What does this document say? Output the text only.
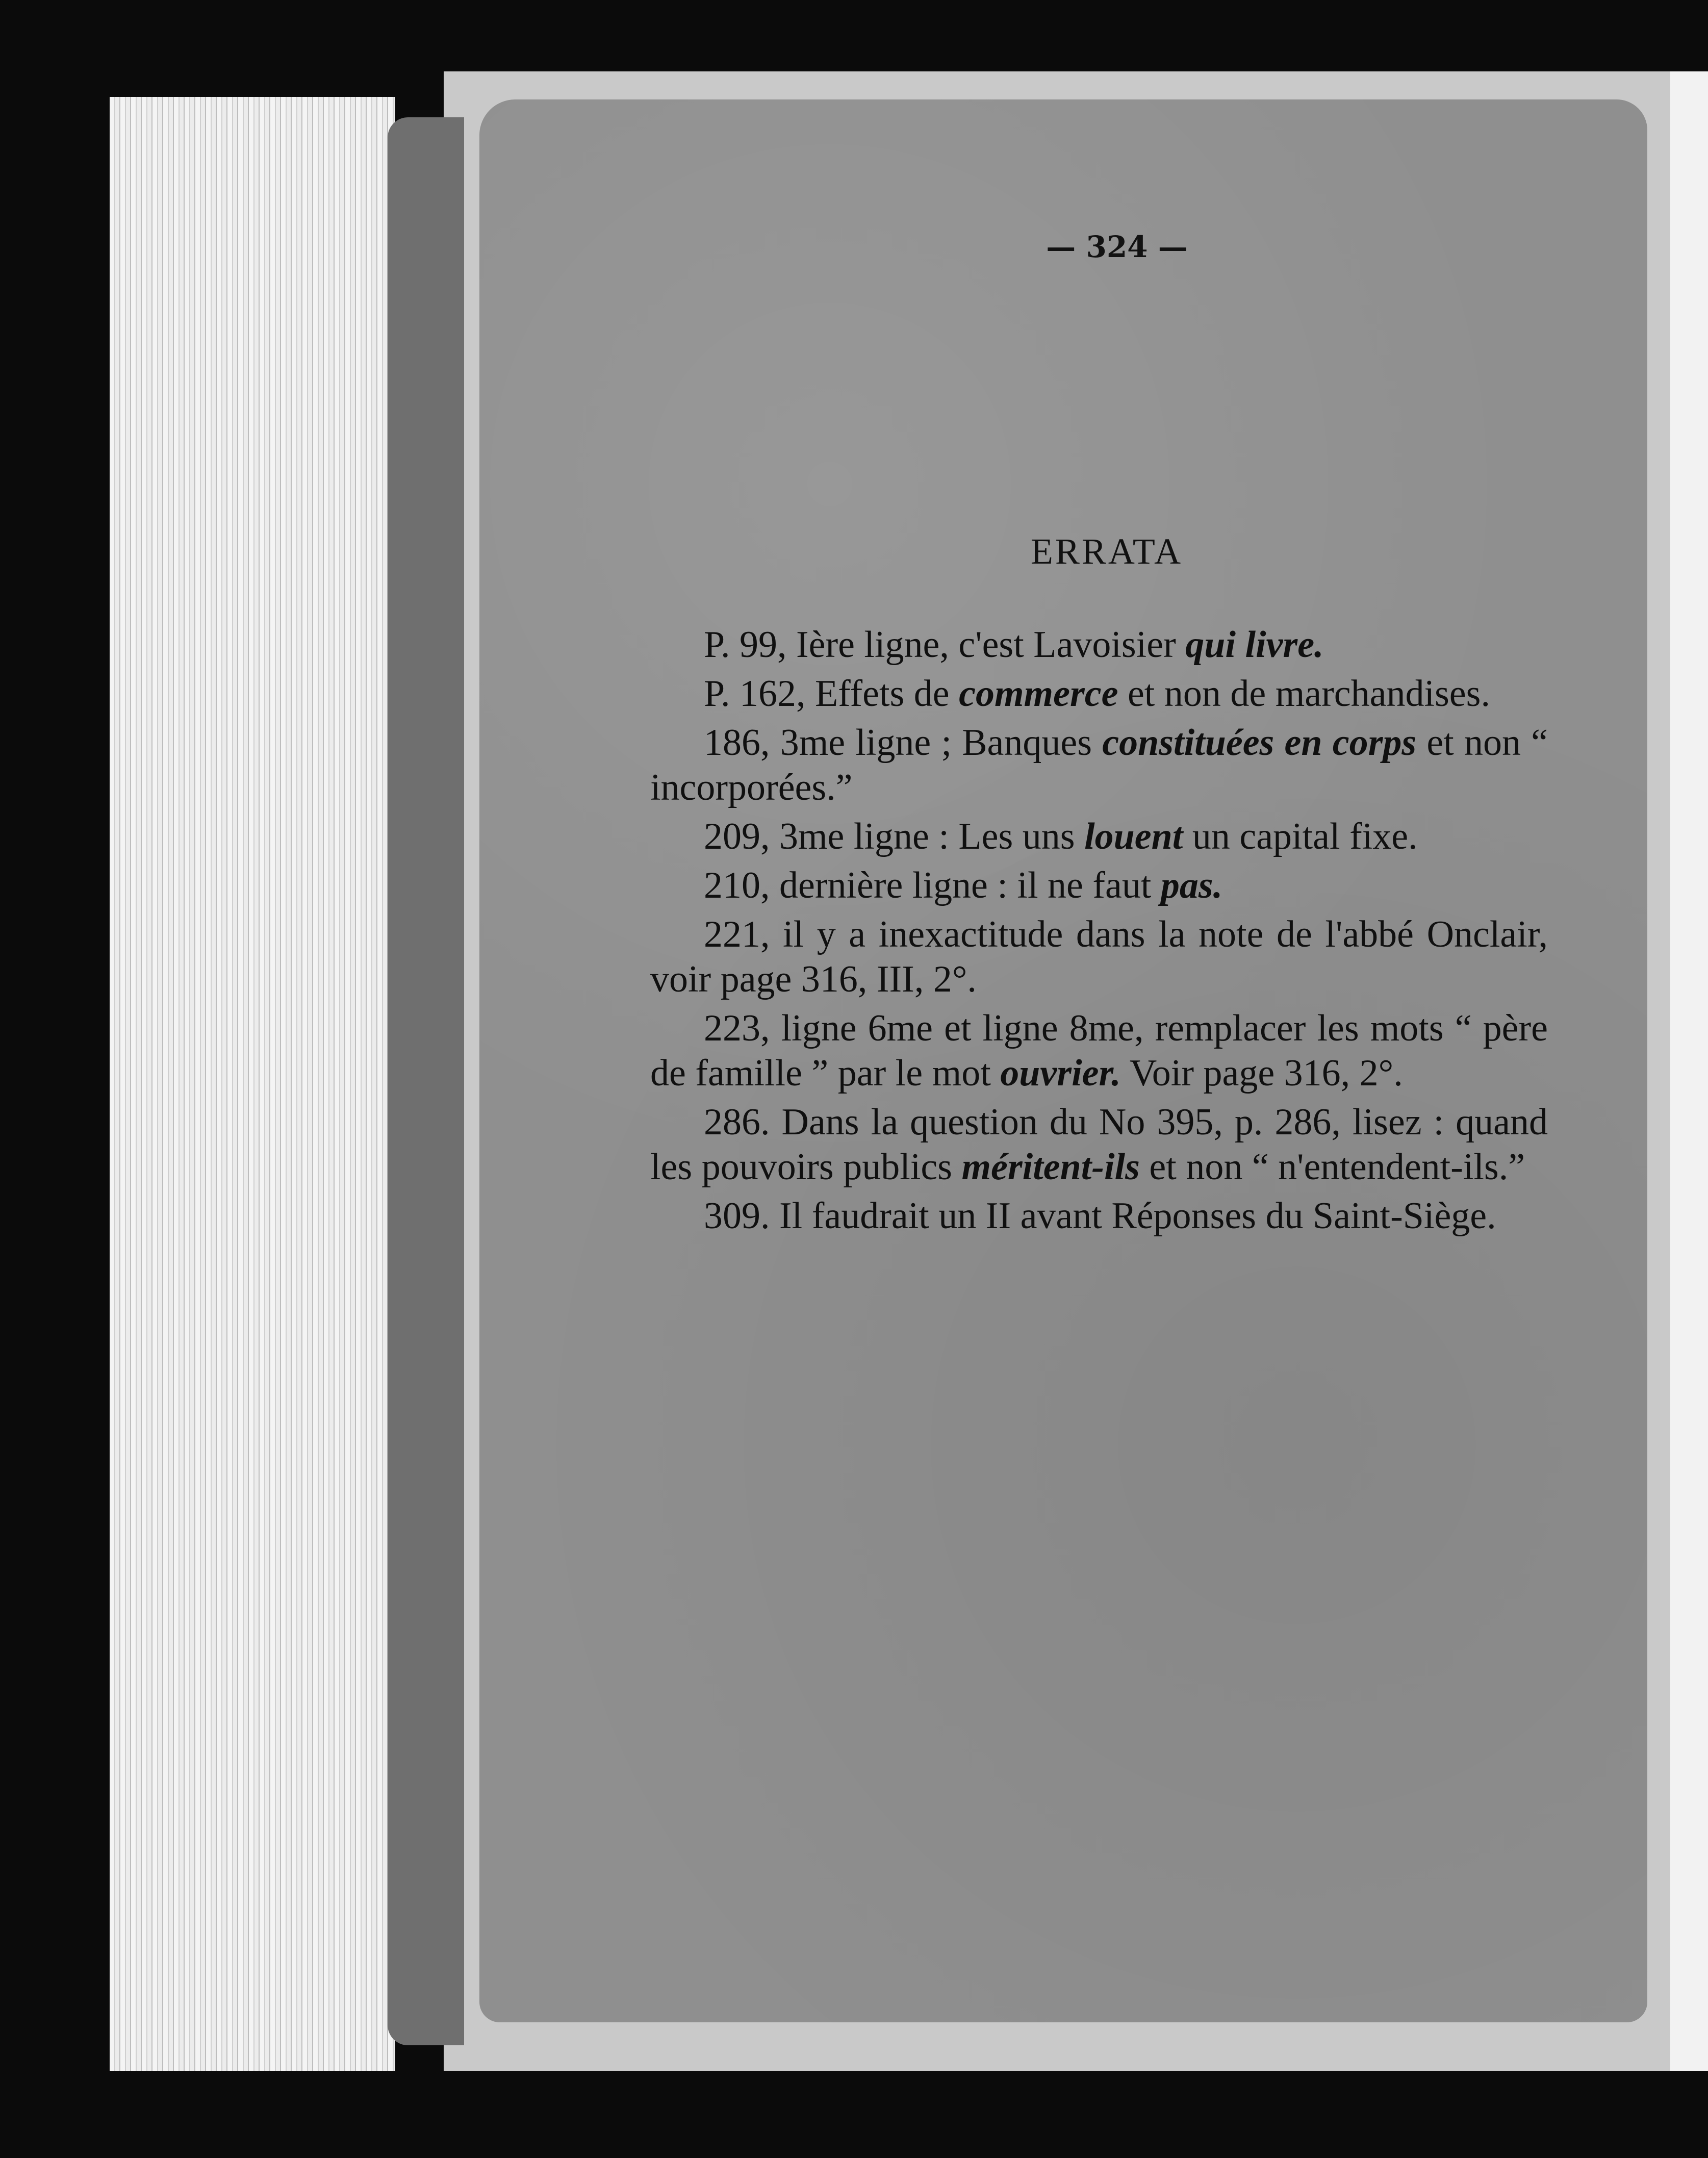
— 324 —
ERRATA

P. 99, Ière ligne, c'est Lavoisier qui livre.

P. 162, Effets de commerce et non de marchandises.

186, 3me ligne ; Banques constituées en corps et non “ incorporées.”

209, 3me ligne : Les uns louent un capital fixe.

210, dernière ligne : il ne faut pas.

221, il y a inexactitude dans la note de l'abbé Onclair, voir page 316, III, 2°.

223, ligne 6me et ligne 8me, remplacer les mots “ père de famille ” par le mot ouvrier. Voir page 316, 2°.

286. Dans la question du No 395, p. 286, lisez : quand les pouvoirs publics méritent-ils et non “ n'entendent-ils.”

309. Il faudrait un II avant Réponses du Saint-Siège.
